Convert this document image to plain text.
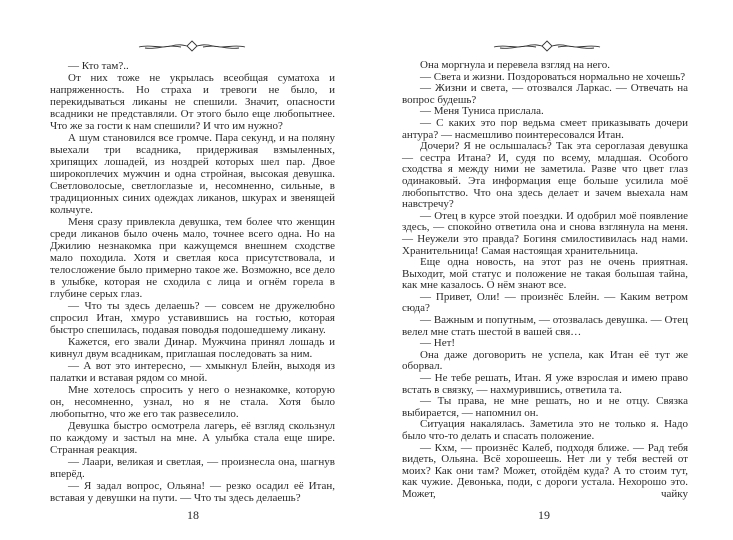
— Кто там?..

От них тоже не укрылась всеобщая суматоха и напряженность. Но страха и тревоги не было, и перекидываться ликаны не спешили. Значит, опасности всадники не представляли. От этого было еще любопытнее. Что же за гости к нам спешили? И что им нужно?

А шум становился все громче. Пара секунд, и на поляну выехали три всадника, придерживая взмыленных, хрипящих лошадей, из ноздрей которых шел пар. Двое широкоплечих мужчин и одна стройная, высокая девушка. Светловолосые, светлоглазые и, несомненно, сильные, в традиционных синих одеждах ликанов, шкурах и звенящей кольчуге.

Меня сразу привлекла девушка, тем более что женщин среди ликанов было очень мало, точнее всего одна. Но на Джилию незнакомка при кажущемся внешнем сходстве мало походила. Хотя и светлая коса присутствовала, и телосложение было примерно такое же. Возможно, все дело в улыбке, которая не сходила с лица и огнём горела в глубине серых глаз.

— Что ты здесь делаешь? — совсем не дружелюбно спросил Итан, хмуро уставившись на гостью, которая быстро спешилась, подавая поводья подошедшему ликану.

Кажется, его звали Динар. Мужчина принял лошадь и кивнул двум всадникам, приглашая последовать за ним.

— А вот это интересно, — хмыкнул Блейн, выходя из палатки и вставая рядом со мной.

Мне хотелось спросить у него о незнакомке, которую он, несомненно, узнал, но я не стала. Хотя было любопытно, что же его так развеселило.

Девушка быстро осмотрела лагерь, её взгляд скользнул по каждому и застыл на мне. А улыбка стала еще шире. Странная реакция.

— Лаари, великая и светлая, — произнесла она, шагнув вперёд.

— Я задал вопрос, Ольяна! — резко осадил её Итан, вставая у девушки на пути. — Что ты здесь делаешь?

18

Она моргнула и перевела взгляд на него.

— Света и жизни. Поздороваться нормально не хочешь?

— Жизни и света, — отозвался Ларкас. — Отвечать на вопрос будешь?

— Меня Туниса прислала.

— С каких это пор ведьма смеет приказывать дочери антура? — насмешливо поинтересовался Итан.

Дочери? Я не ослышалась? Так эта сероглазая девушка — сестра Итана? И, судя по всему, младшая. Особого сходства я между ними не заметила. Разве что цвет глаз одинаковый. Эта информация еще больше усилила моё любопытство. Что она здесь делает и зачем выехала нам навстречу?

— Отец в курсе этой поездки. И одобрил моё появление здесь, — спокойно ответила она и снова взглянула на меня. — Неужели это правда? Богиня смилостивилась над нами. Хранительница! Самая настоящая хранительница.

Еще одна новость, на этот раз не очень приятная. Выходит, мой статус и положение не такая большая тайна, как мне казалось. О нём знают все.

— Привет, Оли! — произнёс Блейн. — Каким ветром сюда?

— Важным и попутным, — отозвалась девушка. — Отец велел мне стать шестой в вашей свя…

— Нет!

Она даже договорить не успела, как Итан её тут же оборвал.

— Не тебе решать, Итан. Я уже взрослая и имею право встать в связку, — нахмурившись, ответила та.

— Ты права, не мне решать, но и не отцу. Связка выбирается, — напомнил он.

Ситуация накалялась. Заметила это не только я. Надо было что-то делать и спасать положение.

— Кхм, — произнёс Калеб, подходя ближе. — Рад тебя видеть, Ольяна. Всё хорошеешь. Нет ли у тебя вестей от моих? Как они там? Может, отойдём куда? А то стоим тут, как чужие. Девонька, поди, с дороги устала. Нехорошо это. Может, чайку

19
